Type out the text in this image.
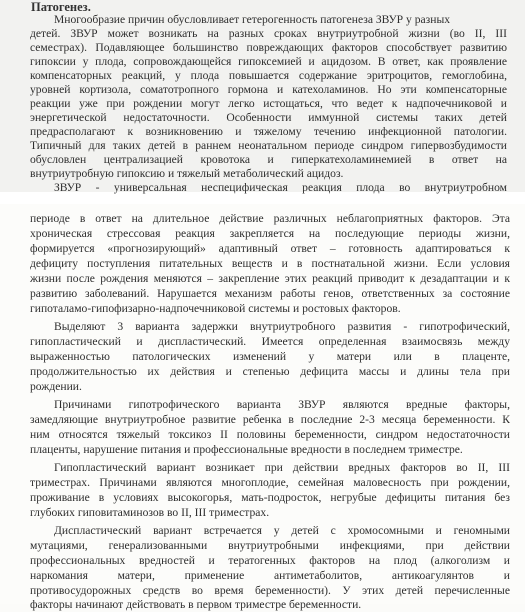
Патогенез.
Многообразие причин обусловливает гетерогенность патогенеза ЗВУР у разных
детей. ЗВУР может возникать на разных сроках внутриутробной жизни (во II, III
семестрах). Подавляющее большинство повреждающих факторов способствует развитию
гипоксии у плода, сопровождающейся гипоксемией и ацидозом. В ответ, как проявление
компенсаторных реакций, у плода повышается содержание эритроцитов, гемоглобина,
уровней кортизола, соматотропного гормона и катехоламинов. Но эти компенсаторные
реакции уже при рождении могут легко истощаться, что ведет к надпочечниковой и
энергетической недостаточности. Особенности иммунной системы таких детей
предрасполагают к возникновению и тяжелому течению инфекционной патологии.
Типичный для таких детей в раннем неонатальном периоде синдром гипервозбудимости
обусловлен централизацией кровотока и гиперкатехоламинемией в ответ на
внутриутробную гипоксию и тяжелый метаболический ацидоз.
ЗВУР - универсальная неспецифическая реакция плода во внутриутробном
периоде в ответ на длительное действие различных неблагоприятных факторов. Эта
хроническая стрессовая реакция закрепляется на последующие периоды жизни,
формируется «прогнозирующий» адаптивный ответ – готовность адаптироваться к
дефициту поступления питательных веществ и в постнатальной жизни. Если условия
жизни после рождения меняются – закрепление этих реакций приводит к дезадаптации и к
развитию заболеваний. Нарушается механизм работы генов, ответственных за состояние
гипоталамо-гипофизарно-надпочечниковой системы и ростовых факторов.
Выделяют 3 варианта задержки внутриутробного развития - гипотрофический,
гипопластический и диспластический. Имеется определенная взаимосвязь между
выраженностью патологических изменений у матери или в плаценте,
продолжительностью их действия и степенью дефицита массы и длины тела при
рождении.
Причинами гипотрофического варианта ЗВУР являются вредные факторы,
замедляющие внутриутробное развитие ребенка в последние 2-3 месяца беременности. К
ним относятся тяжелый токсикоз II половины беременности, синдром недостаточности
плаценты, нарушение питания и профессиональные вредности в последнем триместре.
Гипопластический вариант возникает при действии вредных факторов во II, III
триместрах. Причинами являются многоплодие, семейная маловесность при рождении,
проживание в условиях высокогорья, мать-подросток, негрубые дефициты питания без
глубоких гиповитаминозов во II, III триместрах.
Диспластический вариант встречается у детей с хромосомными и геномными
мутациями, генерализованными внутриутробными инфекциями, при действии
профессиональных вредностей и тератогенных факторов на плод (алкоголизм и
наркомания матери, применение антиметаболитов, антикоагулянтов и
противосудорожных средств во время беременности). У этих детей перечисленные
факторы начинают действовать в первом триместре беременности.
